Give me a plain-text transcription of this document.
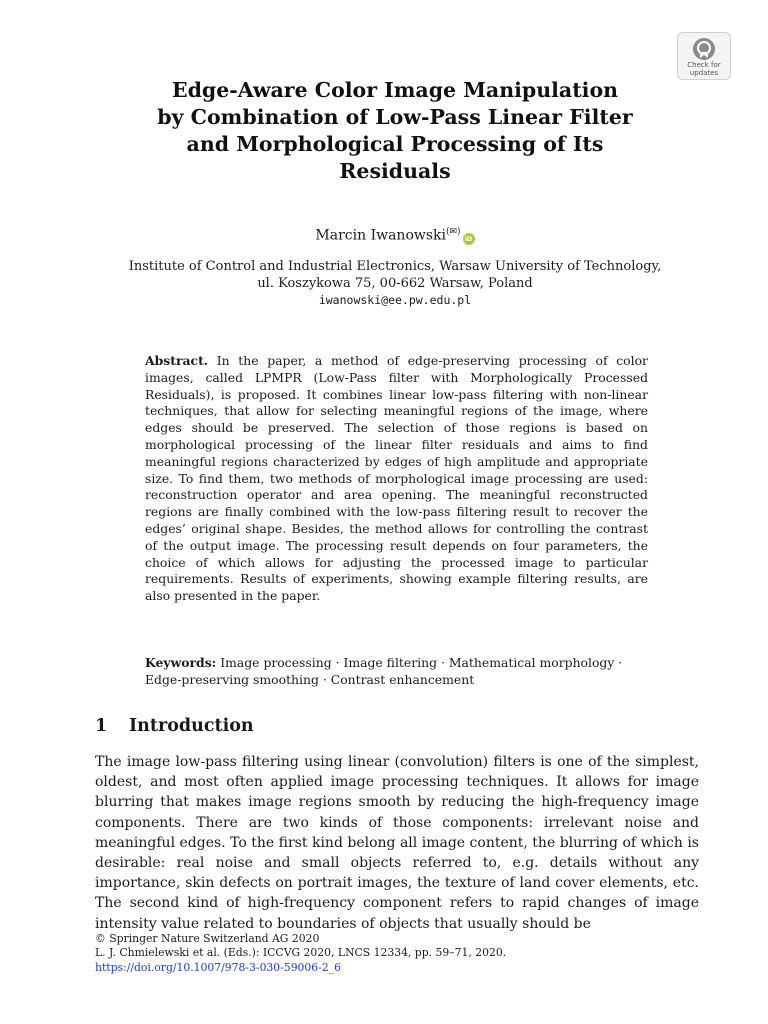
Check for
updates
Edge-Aware Color Image Manipulation
by Combination of Low-Pass Linear Filter
and Morphological Processing of Its
Residuals
Marcin Iwanowski(✉)iD
Institute of Control and Industrial Electronics, Warsaw University of Technology,
ul. Koszykowa 75, 00-662 Warsaw, Poland
iwanowski@ee.pw.edu.pl

Abstract. In the paper, a method of edge-preserving processing of color images, called LPMPR (Low-Pass filter with Morphologically Processed Residuals), is proposed. It combines linear low-pass filtering with non-linear techniques, that allow for selecting meaningful regions of the image, where edges should be preserved. The selection of those regions is based on morphological processing of the linear filter residuals and aims to find meaningful regions characterized by edges of high amplitude and appropriate size. To find them, two methods of morphological image processing are used: reconstruction operator and area opening. The meaningful reconstructed regions are finally combined with the low-pass filtering result to recover the edges’ original shape. Besides, the method allows for controlling the contrast of the output image. The processing result depends on four parameters, the choice of which allows for adjusting the processed image to particular requirements. Results of experiments, showing example filtering results, are also presented in the paper.

Keywords: Image processing · Image filtering · Mathematical morphology · Edge-preserving smoothing · Contrast enhancement

1 Introduction

The image low-pass filtering using linear (convolution) filters is one of the simplest, oldest, and most often applied image processing techniques. It allows for image blurring that makes image regions smooth by reducing the high-frequency image components. There are two kinds of those components: irrelevant noise and meaningful edges. To the first kind belong all image content, the blurring of which is desirable: real noise and small objects referred to, e.g. details without any importance, skin defects on portrait images, the texture of land cover elements, etc. The second kind of high-frequency component refers to rapid changes of image intensity value related to boundaries of objects that usually should be

© Springer Nature Switzerland AG 2020
L. J. Chmielewski et al. (Eds.): ICCVG 2020, LNCS 12334, pp. 59–71, 2020.
https://doi.org/10.1007/978-3-030-59006-2_6
